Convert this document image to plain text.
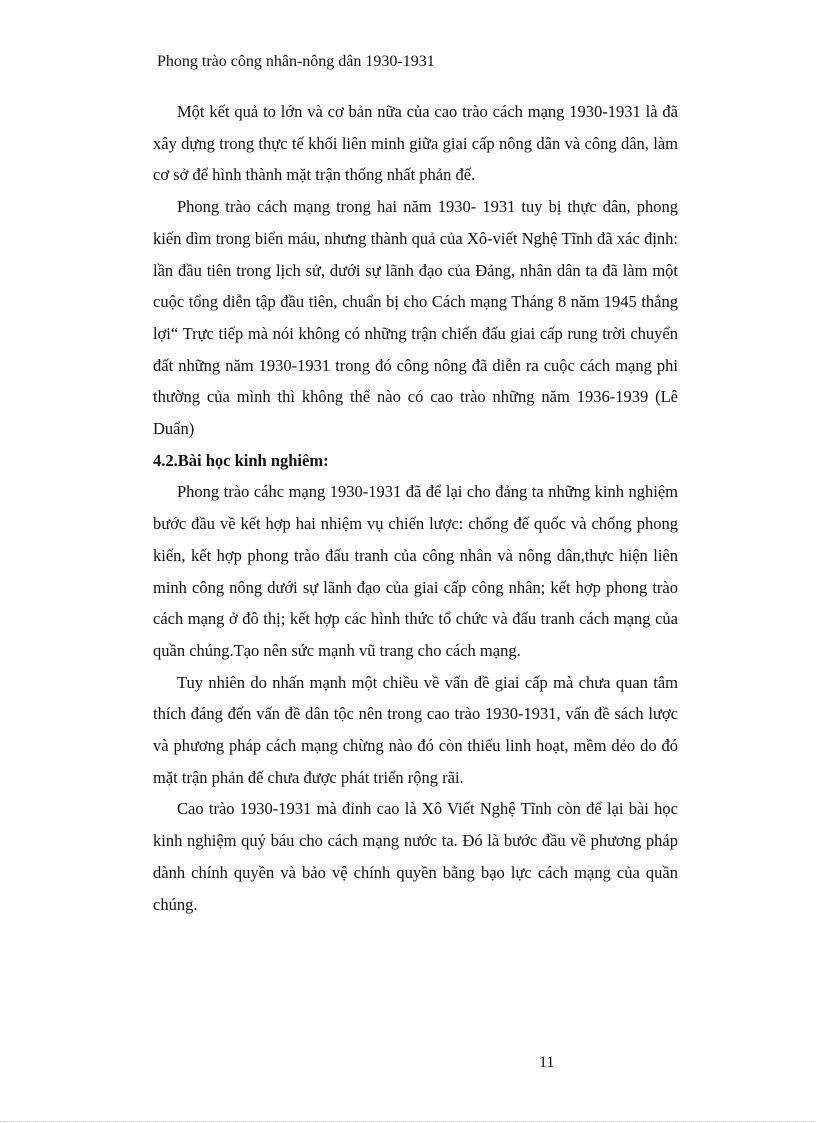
Phong trào công nhân-nông dân 1930-1931

Một kết quả to lớn và cơ bản nữa của cao trào cách mạng 1930-1931 là đã xây dựng trong thực tế khối liên minh giữa giai cấp nông dân và công dân, làm cơ sở để hình thành mặt trận thống nhất phản đế.

Phong trào cách mạng trong hai năm 1930- 1931 tuy bị thực dân, phong kiến dìm trong biển máu, nhưng thành quả của Xô-viết Nghệ Tĩnh đã xác định: lần đầu tiên trong lịch sử, dưới sự lãnh đạo của Đảng, nhân dân ta đã làm một cuộc tổng diễn tập đầu tiên, chuẩn bị cho Cách mạng Tháng 8 năm 1945 thắng lợi“ Trực tiếp mà nói không có những trận chiến đấu giai cấp rung trời chuyển đất những năm 1930-1931 trong đó công nông đã diễn ra cuộc cách mạng phi thường của mình thì không thể nào có cao trào những năm 1936-1939 (Lê Duẩn)

4.2.Bài học kinh nghiêm:

Phong trào cáhc mạng 1930-1931 đã để lại cho đảng ta những kinh nghiệm bước đầu về kết hợp hai nhiệm vụ chiến lược: chống đế quốc và chống phong kiến, kết hợp phong trào đấu tranh của công nhân và nông dân,thực hiện liên minh công nông dưới sự lãnh đạo của giai cấp công nhân; kết hợp phong trào cách mạng ở đô thị; kết hợp các hình thức tổ chức và đấu tranh cách mạng của quần chúng.Tạo nên sức mạnh vũ trang cho cách mạng.

Tuy nhiên do nhấn mạnh một chiều về vấn đề giai cấp mà chưa quan tâm thích đáng đến vấn đề dân tộc nên trong cao trào 1930-1931, vấn đề sách lược và phương pháp cách mạng chừng nào đó còn thiếu linh hoạt, mềm dẻo do đó mặt trận phản đế chưa được phát triển rộng rãi.

Cao trào 1930-1931 mà đỉnh cao là Xô Viết Nghệ Tĩnh còn để lại bài học kinh nghiệm quý báu cho cách mạng nước ta. Đó là bước đầu về phương pháp dành chính quyền và bảo vệ chính quyền bằng bạo lực cách mạng của quần chúng.

11
